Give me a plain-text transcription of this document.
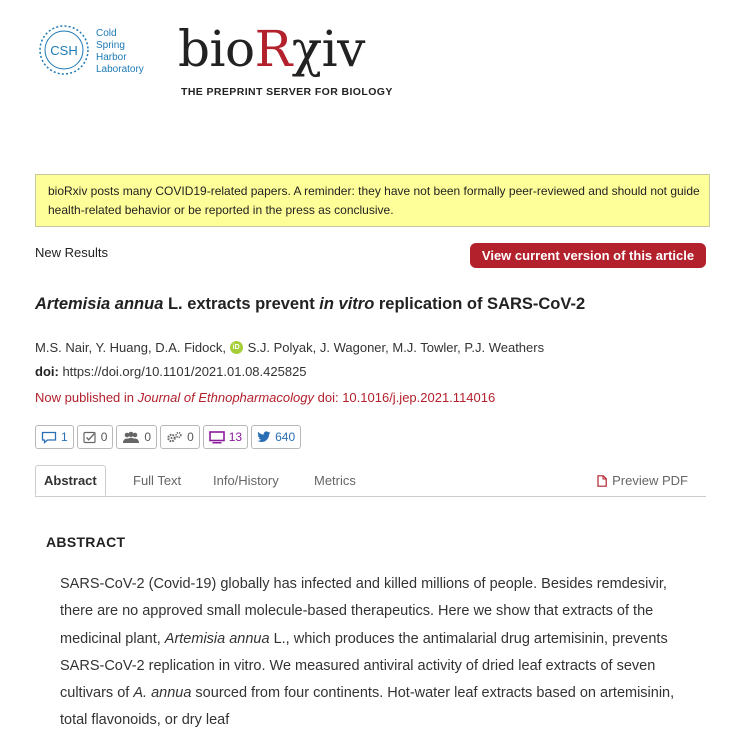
CSH
Cold
Spring
Harbor
Laboratory bioRχiv
THE PREPRINT SERVER FOR BIOLOGY
bioRxiv posts many COVID19-related papers. A reminder: they have not been formally peer-reviewed and should not guide health-related behavior or be reported in the press as conclusive.
New Results	View current version of this article
Artemisia annua L. extracts prevent in vitro replication of SARS-CoV-2
M.S. Nair, Y. Huang, D.A. Fidock,
iD S.J. Polyak, J. Wagoner, M.J. Towler, P.J. Weathers
doi: https://doi.org/10.1101/2021.01.08.425825
Now published in Journal of Ethnopharmacology doi: 10.1016/j.jep.2021.114016
1	0	0	0	13	640
Abstract	Full Text Info/History	Metrics	Preview PDF
ABSTRACT
SARS-CoV-2 (Covid-19) globally has infected and killed millions of people. Besides remdesivir, there are no approved small molecule-based therapeutics. Here we show that extracts of the medicinal plant, Artemisia annua L., which produces the antimalarial drug artemisinin, prevents SARS-CoV-2 replication in vitro. We measured antiviral activity of dried leaf extracts of seven cultivars of A. annua sourced from four continents. Hot-water leaf extracts based on artemisinin, total flavonoids, or dry leaf
